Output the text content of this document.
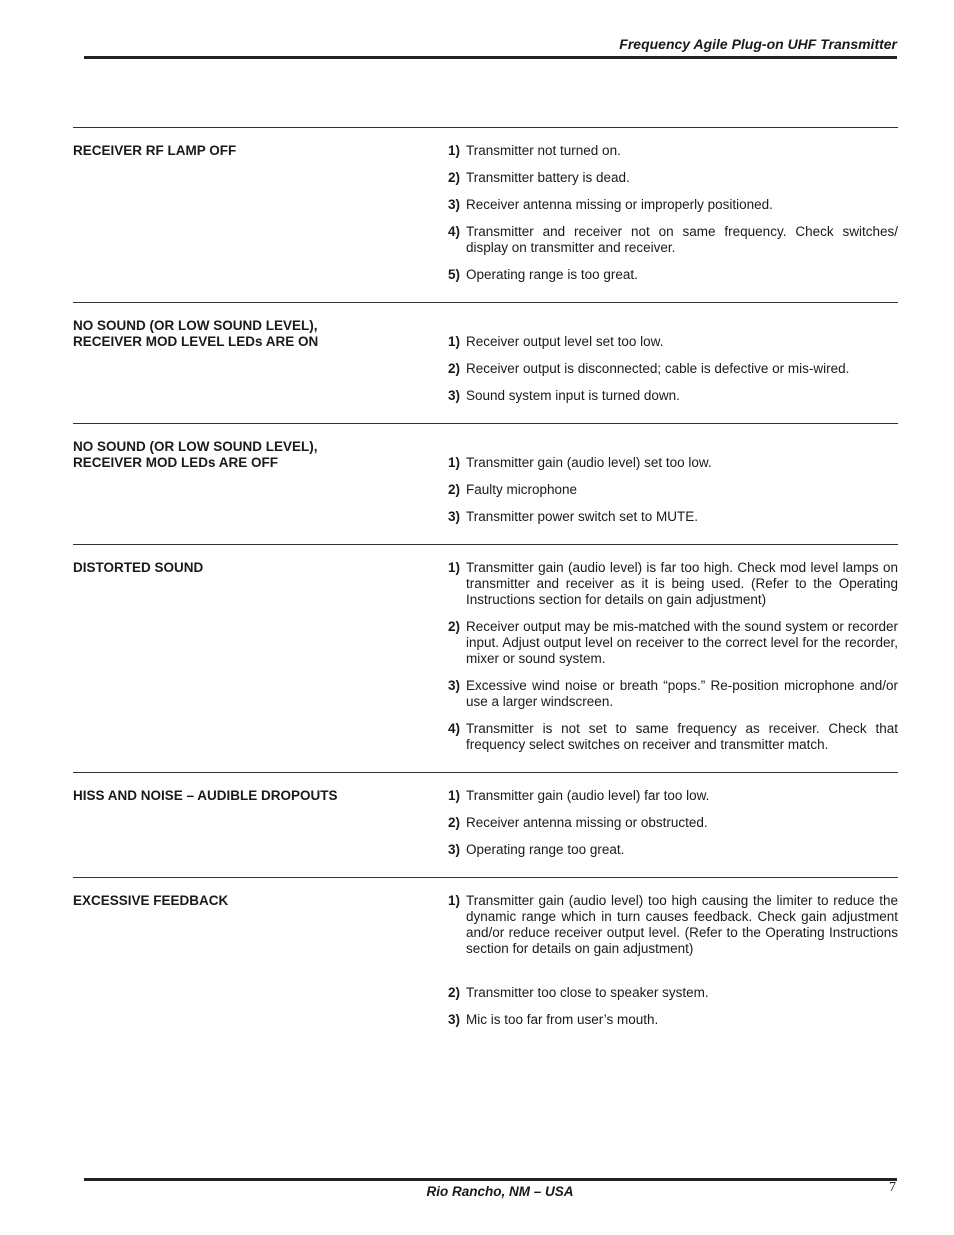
Frequency Agile Plug-on UHF Transmitter
RECEIVER RF LAMP OFF	1) Transmitter not turned on.
2) Transmitter battery is dead.
3) Receiver antenna missing or improperly positioned.
4) Transmitter and receiver not on same frequency. Check switches/ display on transmitter and receiver.
5) Operating range is too great.
NO SOUND (OR LOW SOUND LEVEL),
RECEIVER MOD LEVEL LEDs ARE ON	1) Receiver output level set too low.
2) Receiver output is disconnected; cable is defective or mis-wired.
3) Sound system input is turned down.
NO SOUND (OR LOW SOUND LEVEL),
RECEIVER MOD LEDs ARE OFF	1) Transmitter gain (audio level) set too low.
2) Faulty microphone
3) Transmitter power switch set to MUTE.
DISTORTED SOUND	1) Transmitter gain (audio level) is far too high. Check mod level lamps on transmitter and receiver as it is being used. (Refer to the Operating Instructions section for details on gain adjustment)
2) Receiver output may be mis-matched with the sound system or recorder input. Adjust output level on receiver to the correct level for the recorder, mixer or sound system.
3) Excessive wind noise or breath “pops.” Re-position microphone and/or use a larger windscreen.
4) Transmitter is not set to same frequency as receiver. Check that frequency select switches on receiver and transmitter match.
HISS AND NOISE – AUDIBLE DROPOUTS	1) Transmitter gain (audio level) far too low.
2) Receiver antenna missing or obstructed.
3) Operating range too great.
EXCESSIVE FEEDBACK	1) Transmitter gain (audio level) too high causing the limiter to reduce the dynamic range which in turn causes feedback. Check gain adjustment and/or reduce receiver output level. (Refer to the Operating Instructions section for details on gain adjustment)
2) Transmitter too close to speaker system.
3) Mic is too far from user’s mouth.
Rio Rancho, NM – USA	7
